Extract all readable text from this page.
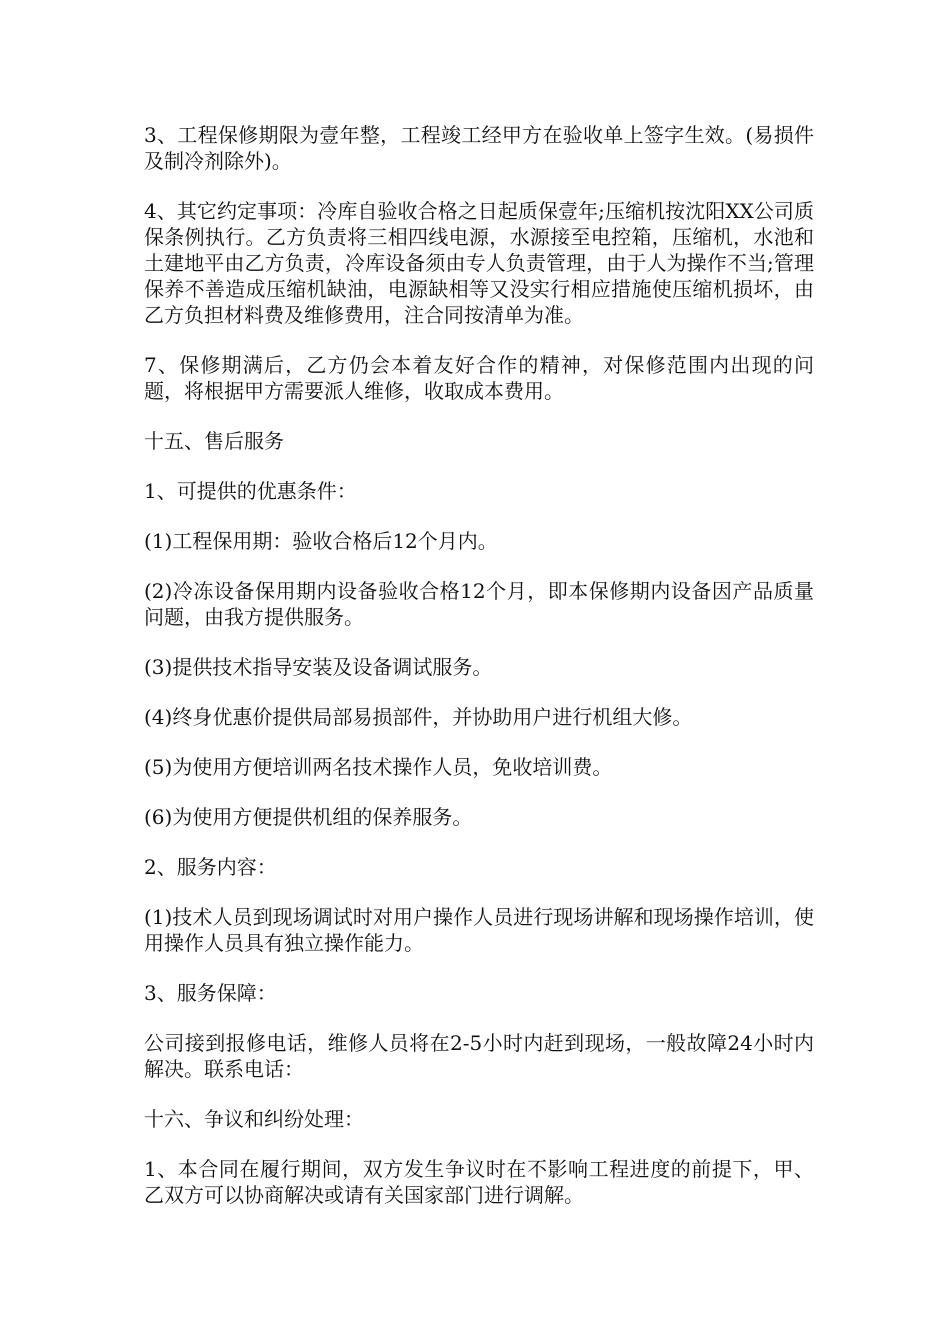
3、工程保修期限为壹年整，工程竣工经甲方在验收单上签字生效。(易损件及制冷剂除外)。

4、其它约定事项：冷库自验收合格之日起质保壹年;压缩机按沈阳XX公司质保条例执行。乙方负责将三相四线电源，水源接至电控箱，压缩机，水池和土建地平由乙方负责，冷库设备须由专人负责管理，由于人为操作不当;管理保养不善造成压缩机缺油，电源缺相等又没实行相应措施使压缩机损坏，由乙方负担材料费及维修费用，注合同按清单为准。

7、保修期满后，乙方仍会本着友好合作的精神，对保修范围内出现的问题，将根据甲方需要派人维修，收取成本费用。

十五、售后服务

1、可提供的优惠条件：

(1)工程保用期：验收合格后12个月内。

(2)冷冻设备保用期内设备验收合格12个月，即本保修期内设备因产品质量问题，由我方提供服务。

(3)提供技术指导安装及设备调试服务。

(4)终身优惠价提供局部易损部件，并协助用户进行机组大修。

(5)为使用方便培训两名技术操作人员，免收培训费。

(6)为使用方便提供机组的保养服务。

2、服务内容：

(1)技术人员到现场调试时对用户操作人员进行现场讲解和现场操作培训，使用操作人员具有独立操作能力。

3、服务保障：

公司接到报修电话，维修人员将在2-5小时内赶到现场，一般故障24小时内解决。联系电话：

十六、争议和纠纷处理：

1、本合同在履行期间，双方发生争议时在不影响工程进度的前提下，甲、乙双方可以协商解决或请有关国家部门进行调解。
